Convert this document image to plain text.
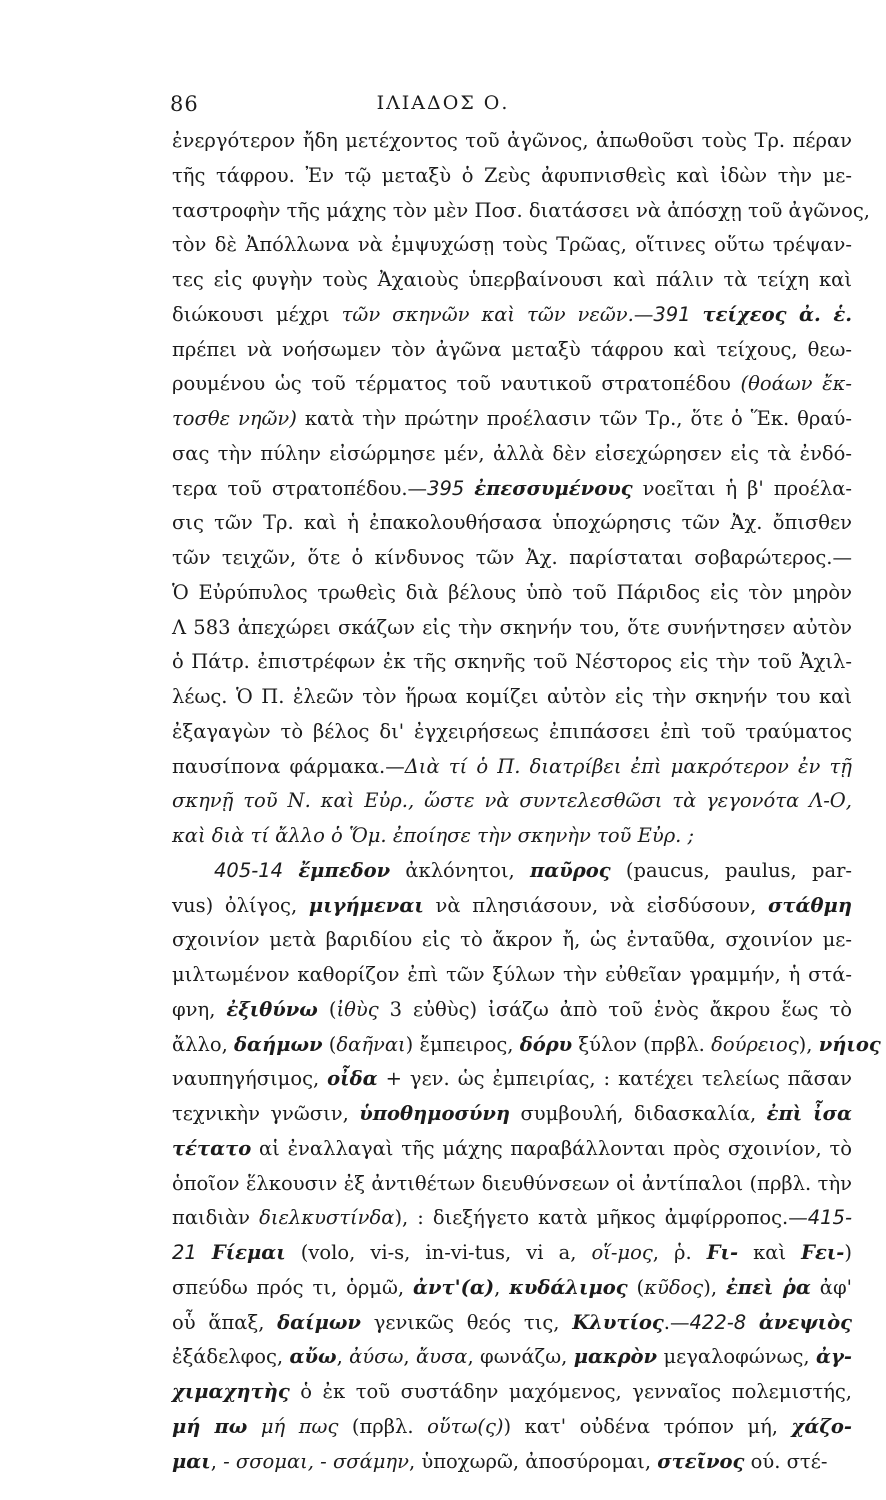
86	ΙΛΙΑΔΟΣ Ο.
ἐνεργότερον ἤδη μετέχοντος τοῦ ἀγῶνος, ἀπωθοῦσι τοὺς Τρ. πέραν
τῆς τάφρου. Ἐν τῷ μεταξὺ ὁ Ζεὺς ἀφυπνισθεὶς καὶ ἰδὼν τὴν με-
ταστροφὴν τῆς μάχης τὸν μὲν Ποσ. διατάσσει νὰ ἀπόσχῃ τοῦ ἀγῶνος,
τὸν δὲ Ἀπόλλωνα νὰ ἐμψυχώσῃ τοὺς Τρῶας, οἵτινες οὕτω τρέψαν-
τες εἰς φυγὴν τοὺς Ἀχαιοὺς ὑπερβαίνουσι καὶ πάλιν τὰ τείχη καὶ
διώκουσι μέχρι τῶν σκηνῶν καὶ τῶν νεῶν.—391 τείχεος ἀ. ἑ.
πρέπει νὰ νοήσωμεν τὸν ἀγῶνα μεταξὺ τάφρου καὶ τείχους, θεω-
ρουμένου ὡς τοῦ τέρματος τοῦ ναυτικοῦ στρατοπέδου (θοάων ἔκ-
τοσθε νηῶν) κατὰ τὴν πρώτην προέλασιν τῶν Τρ., ὅτε ὁ Ἕκ. θραύ-
σας τὴν πύλην εἰσώρμησε μέν, ἀλλὰ δὲν εἰσεχώρησεν εἰς τὰ ἐνδό-
τερα τοῦ στρατοπέδου.—395 ἐπεσσυμένους νοεῖται ἡ β' προέλα-
σις τῶν Τρ. καὶ ἡ ἐπακολουθήσασα ὑποχώρησις τῶν Ἀχ. ὄπισθεν
τῶν τειχῶν, ὅτε ὁ κίνδυνος τῶν Ἀχ. παρίσταται σοβαρώτερος.—
Ὁ Εὐρύπυλος τρωθεὶς διὰ βέλους ὑπὸ τοῦ Πάριδος εἰς τὸν μηρὸν
Λ 583 ἀπεχώρει σκάζων εἰς τὴν σκηνήν του, ὅτε συνήντησεν αὐτὸν
ὁ Πάτρ. ἐπιστρέφων ἐκ τῆς σκηνῆς τοῦ Νέστορος εἰς τὴν τοῦ Ἀχιλ-
λέως. Ὁ Π. ἐλεῶν τὸν ἥρωα κομίζει αὐτὸν εἰς τὴν σκηνήν του καὶ
ἐξαγαγὼν τὸ βέλος δι' ἐγχειρήσεως ἐπιπάσσει ἐπὶ τοῦ τραύματος
παυσίπονα φάρμακα.—Διὰ τί ὁ Π. διατρίβει ἐπὶ μακρότερον ἐν τῇ
σκηνῇ τοῦ Ν. καὶ Εὐρ., ὥστε νὰ συντελεσθῶσι τὰ γεγονότα Λ-Ο,
καὶ διὰ τί ἄλλο ὁ Ὅμ. ἐποίησε τὴν σκηνὴν τοῦ Εὐρ. ;
405-14 ἔμπεδον ἀκλόνητοι, παῦρος (paucus, paulus, par-
vus) ὀλίγος, μιγήμεναι νὰ πλησιάσουν, νὰ εἰσδύσουν, στάθμη
σχοινίον μετὰ βαριδίου εἰς τὸ ἄκρον ἤ, ὡς ἐνταῦθα, σχοινίον με-
μιλτωμένον καθορίζον ἐπὶ τῶν ξύλων τὴν εὐθεῖαν γραμμήν, ἡ στά-
φνη, ἐξιθύνω (ἰθὺς 3 εὐθὺς) ἰσάζω ἀπὸ τοῦ ἑνὸς ἄκρου ἕως τὸ
ἄλλο, δαήμων (δαῆναι) ἔμπειρος, δόρυ ξύλον (πρβλ. δούρειος), νήιος
ναυπηγήσιμος, οἶδα + γεν. ὡς ἐμπειρίας, : κατέχει τελείως πᾶσαν
τεχνικὴν γνῶσιν, ὑποθημοσύνη συμβουλή, διδασκαλία, ἐπὶ ἶσα
τέτατο αἱ ἐναλλαγαὶ τῆς μάχης παραβάλλονται πρὸς σχοινίον, τὸ
ὁποῖον ἕλκουσιν ἐξ ἀντιθέτων διευθύνσεων οἱ ἀντίπαλοι (πρβλ. τὴν
παιδιὰν διελκυστίνδα), : διεξήγετο κατὰ μῆκος ἀμφίρροπος.—415-
21 Ϝίεμαι (volo, vi-s, in-vi-tus, vi a, οἵ-μος, ῥ. Ϝι- καὶ Ϝει-)
σπεύδω πρός τι, ὁρμῶ, ἀντ'(α), κυδάλιμος (κῦδος), ἐπεὶ ῥα ἀφ'
οὗ ἅπαξ, δαίμων γενικῶς θεός τις, Κλυτίος.—422-8 ἀνεψιὸς
ἐξάδελφος, αὔω, ἀύσω, ἄυσα, φωνάζω, μακρὸν μεγαλοφώνως, ἀγ-
χιμαχητὴς ὁ ἐκ τοῦ συστάδην μαχόμενος, γενναῖος πολεμιστής,
μή πω μή πως (πρβλ. οὕτω(ς)) κατ' οὐδένα τρόπον μή, χάζο-
μαι, - σσομαι, - σσάμην, ὑποχωρῶ, ἀποσύρομαι, στεῖνος ού. στέ-
